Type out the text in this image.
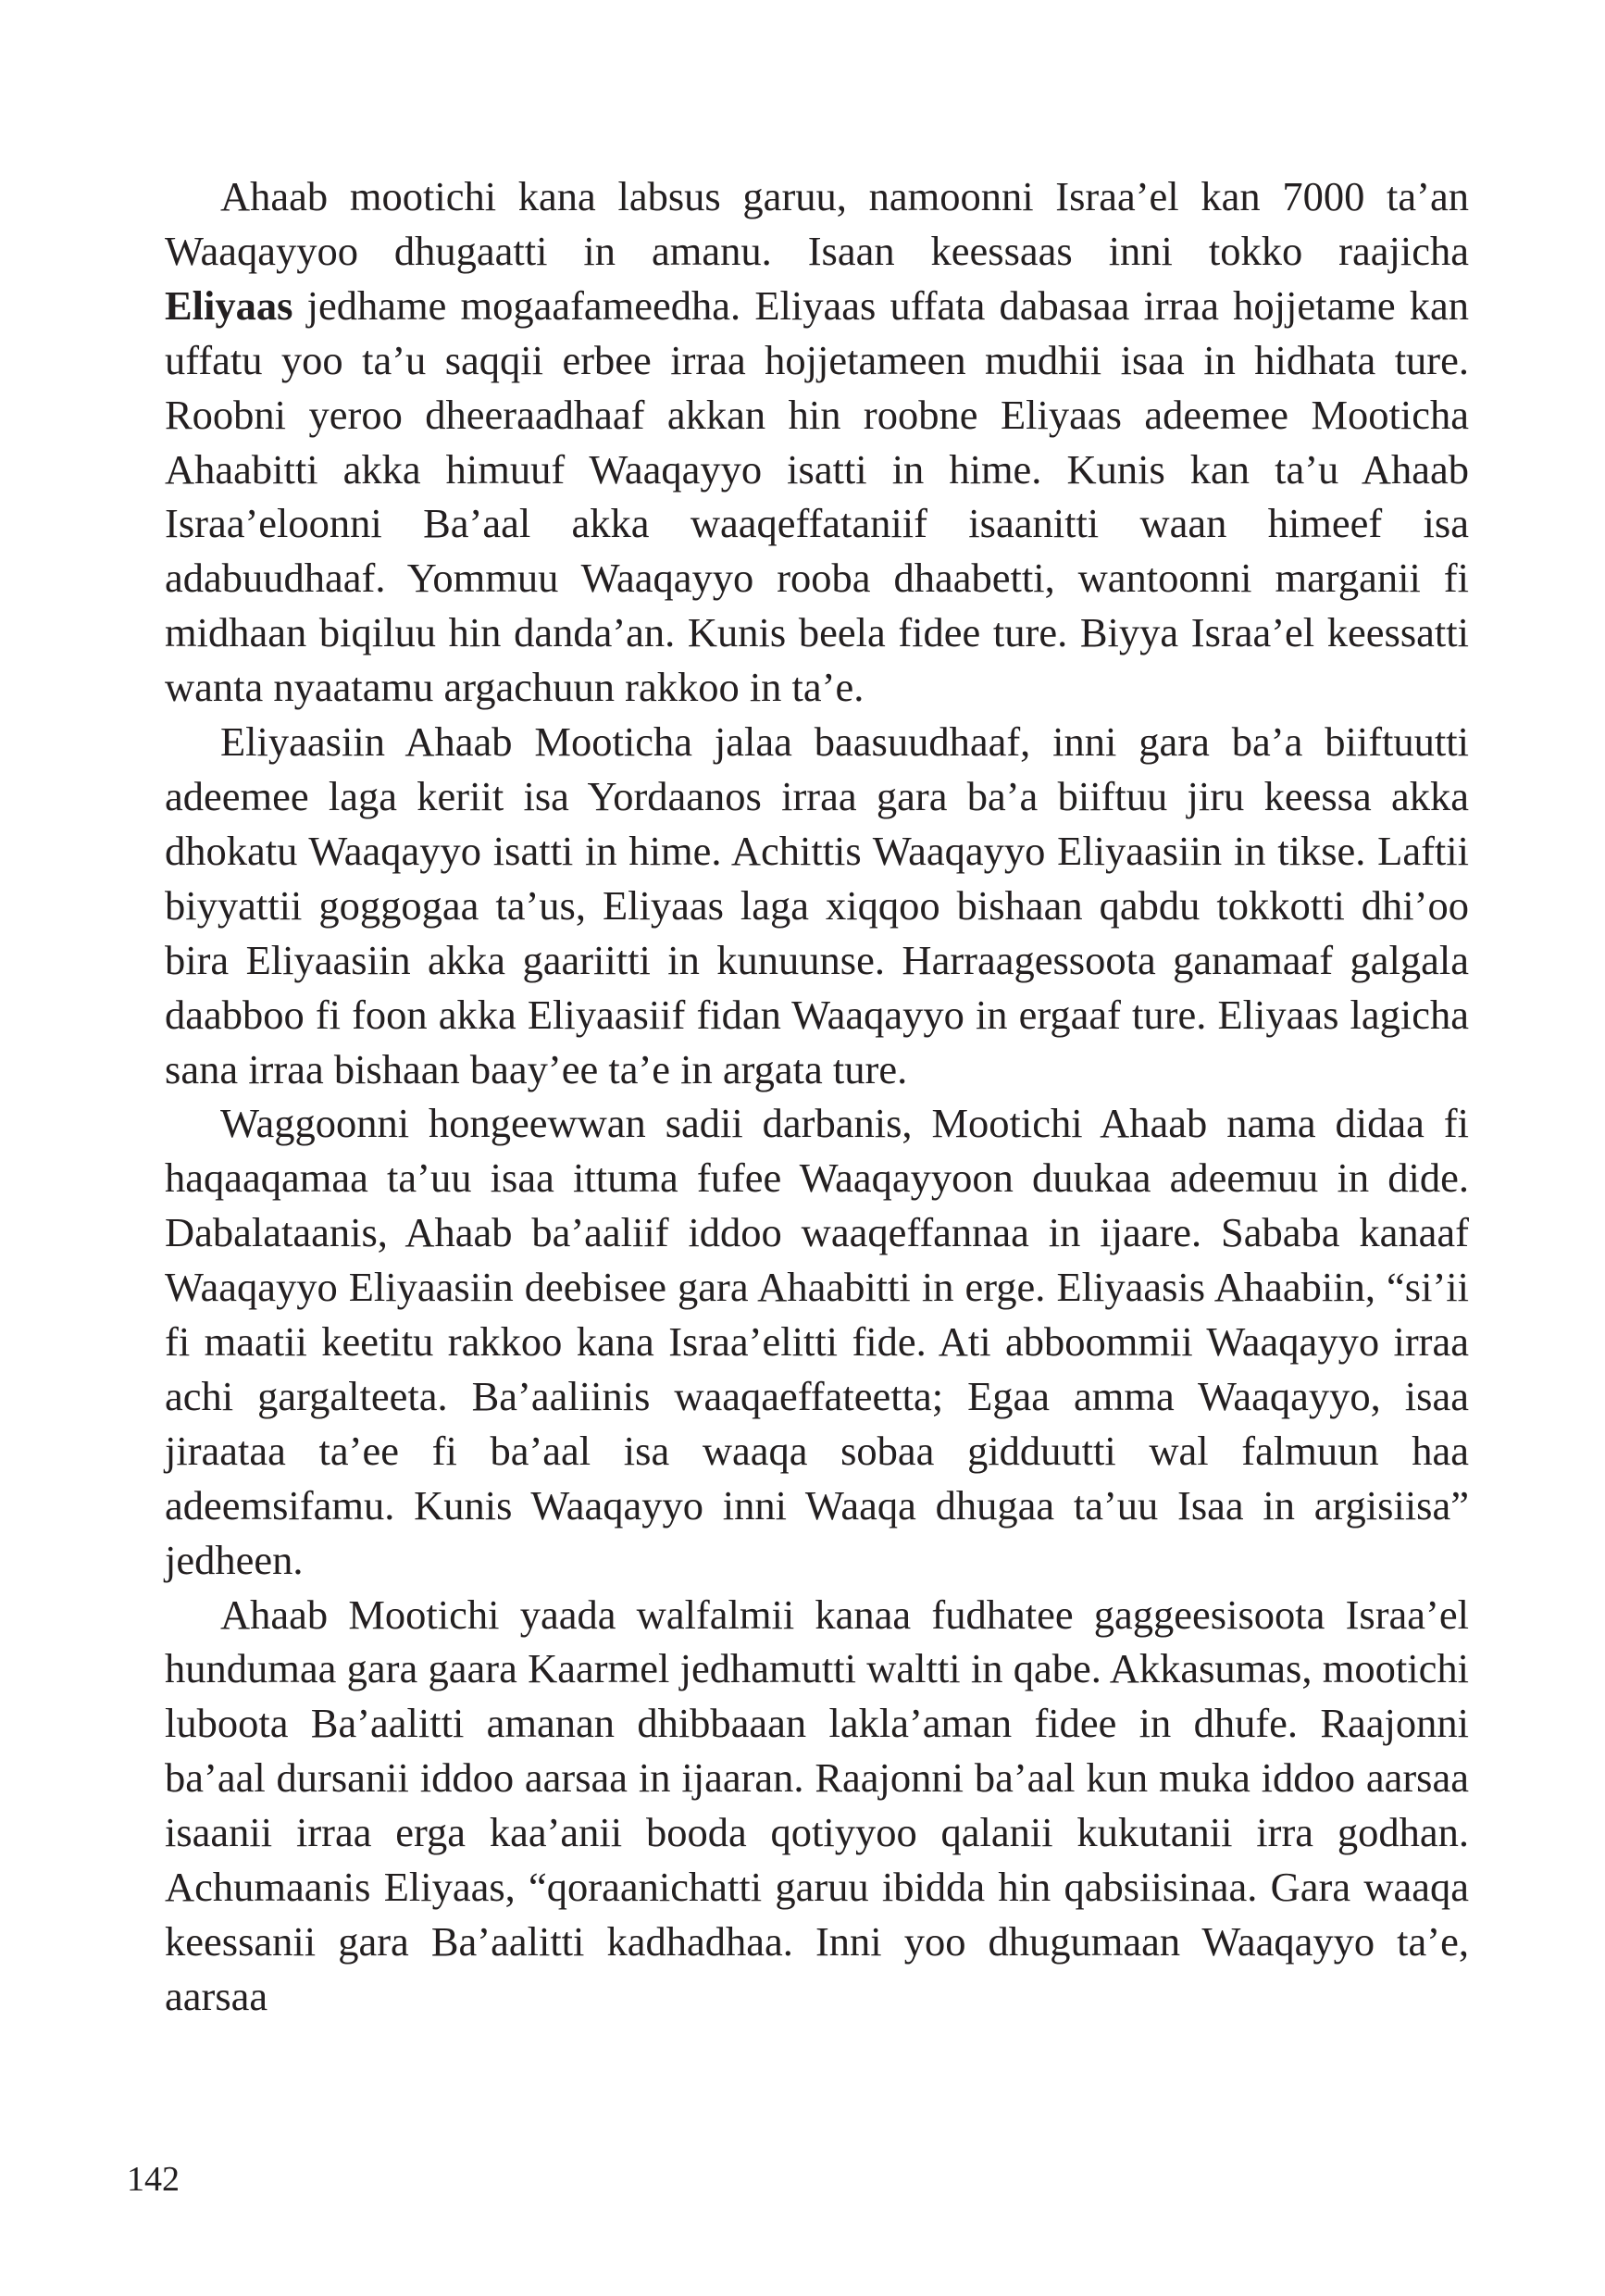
Ahaab mootichi kana labsus garuu, namoonni Israa’el kan 7000 ta’an Waaqayyoo dhugaatti in amanu. Isaan keessaas inni tokko raajicha Eliyaas jedhame mogaafameedha. Eliyaas uffata dabasaa irraa hojjetame kan uffatu yoo ta’u saqqii erbee irraa hojjetameen mudhii isaa in hidhata ture. Roobni yeroo dheeraadhaaf akkan hin roobne Eliyaas adeemee Mooticha Ahaabitti akka himuuf Waaqayyo isatti in hime. Kunis kan ta’u Ahaab Israa’eloonni Ba’aal akka waaqeffataniif isaanitti waan himeef isa adabuudhaaf. Yommuu Waaqayyo rooba dhaabetti, wantoonni marganii fi midhaan biqiluu hin danda’an. Kunis beela fidee ture. Biyya Israa’el keessatti wanta nyaatamu argachuun rakkoo in ta’e.

Eliyaasiin Ahaab Mooticha jalaa baasuudhaaf, inni gara ba’a biiftuutti adeemee laga keriit isa Yordaanos irraa gara ba’a biiftuu jiru keessa akka dhokatu Waaqayyo isatti in hime. Achittis Waaqayyo Eliyaasiin in tikse. Laftii biyyattii goggogaa ta’us, Eliyaas laga xiqqoo bishaan qabdu tokkotti dhi’oo bira Eliyaasiin akka gaariitti in kunuunse. Harraagessoota ganamaaf galgala daabboo fi foon akka Eliyaasiif fidan Waaqayyo in ergaaf ture. Eliyaas lagicha sana irraa bishaan baay’ee ta’e in argata ture.

Waggoonni hongeewwan sadii darbanis, Mootichi Ahaab nama didaa fi haqaaqamaa ta’uu isaa ittuma fufee Waaqayyoon duukaa adeemuu in dide. Dabalataanis, Ahaab ba’aaliif iddoo waaqeffannaa in ijaare. Sababa kanaaf Waaqayyo Eliyaasiin deebisee gara Ahaabitti in erge. Eliyaasis Ahaabiin, “si’ii fi maatii keetitu rakkoo kana Israa’elitti fide. Ati abboommii Waaqayyo irraa achi gargalteeta. Ba’aaliinis waaqaeffateetta; Egaa amma Waaqayyo, isaa jiraataa ta’ee fi ba’aal isa waaqa sobaa gidduutti wal falmuun haa adeemsifamu. Kunis Waaqayyo inni Waaqa dhugaa ta’uu Isaa in argisiisa” jedheen.

Ahaab Mootichi yaada walfalmii kanaa fudhatee gaggeesisoota Israa’el hundumaa gara gaara Kaarmel jedhamutti waltti in qabe. Akkasumas, mootichi luboota Ba’aalitti amanan dhibbaaan lakla’aman fidee in dhufe. Raajonni ba’aal dursanii iddoo aarsaa in ijaaran. Raajonni ba’aal kun muka iddoo aarsaa isaanii irraa erga kaa’anii booda qotiyyoo qalanii kukutanii irra godhan. Achumaanis Eliyaas, “qoraanichatti garuu ibidda hin qabsiisinaa. Gara waaqa keessanii gara Ba’aalitti kadhadhaa. Inni yoo dhugumaan Waaqayyo ta’e, aarsaa

142
